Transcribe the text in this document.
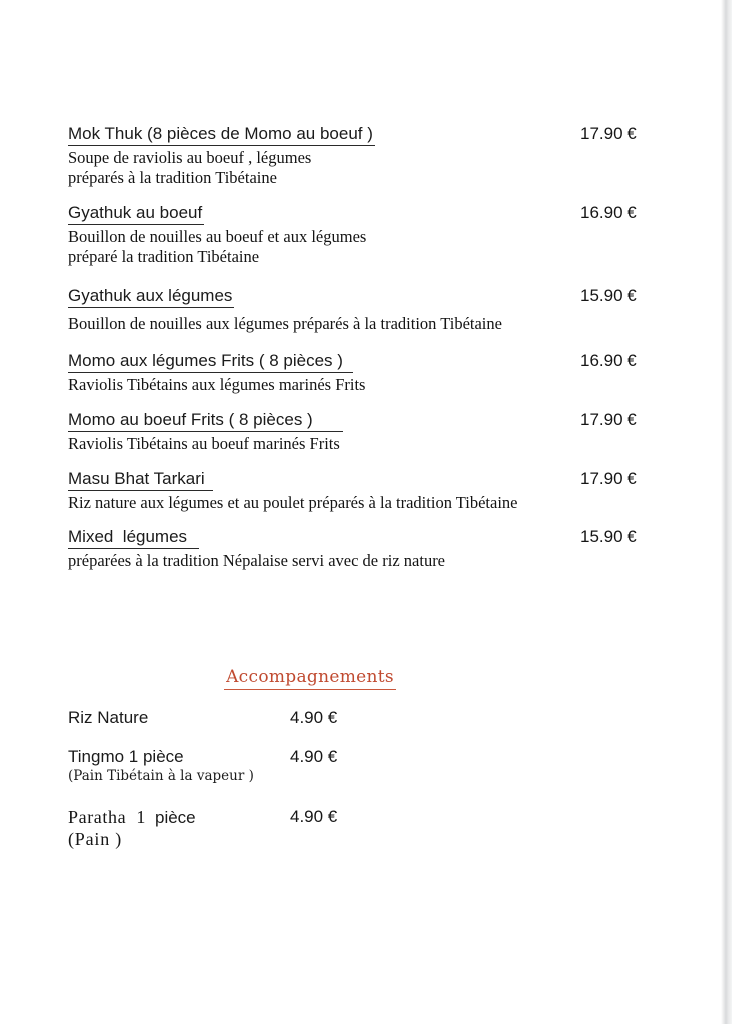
Mok Thuk (8 pièces de Momo au boeuf )	17.90 €
Soupe de raviolis au boeuf , légumes
préparés à la tradition Tibétaine
Gyathuk au boeuf	16.90 €
Bouillon de nouilles au boeuf et aux légumes
préparé la tradition Tibétaine
Gyathuk aux légumes	15.90 €
Bouillon de nouilles aux légumes préparés à la tradition Tibétaine
Momo aux légumes Frits ( 8 pièces )	16.90 €
Raviolis Tibétains aux légumes marinés Frits
Momo au boeuf Frits ( 8 pièces )	17.90 €
Raviolis Tibétains au boeuf marinés Frits
Masu Bhat Tarkari	17.90 €
Riz nature aux légumes et au poulet préparés à la tradition Tibétaine
Mixed  légumes	15.90 €
préparées à la tradition Népalaise servi avec de riz nature
Accompagnements
Riz Nature	4.90 €
Tingmo 1 pièce	4.90 €
(Pain Tibétain à la vapeur )
Paratha  1 pièce	4.90 €
(Pain )
